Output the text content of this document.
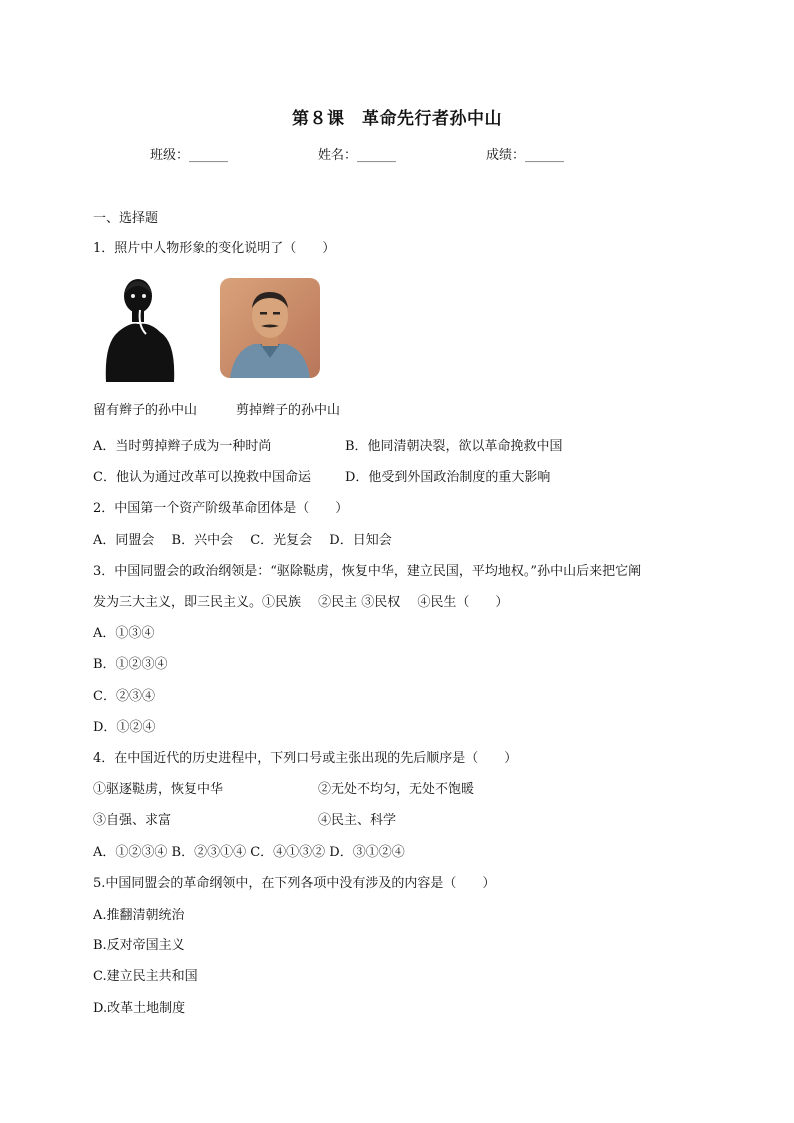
第８课　革命先行者孙中山
班级：______	姓名：______	成绩：______
一、选择题
1．照片中人物形象的变化说明了（　　）
留有辫子的孙中山	剪掉辫子的孙中山
A．当时剪掉辫子成为一种时尚	B．他同清朝决裂，欲以革命挽救中国
C．他认为通过改革可以挽救中国命运	D．他受到外国政治制度的重大影响
2．中国第一个资产阶级革命团体是（　　）
A．同盟会　 B．兴中会　 C．光复会　 D．日知会
3．中国同盟会的政治纲领是：“驱除鞑虏，恢复中华，建立民国，平均地权。”孙中山后来把它阐
发为三大主义，即三民主义。①民族　 ②民主 ③民权　 ④民生（　　）
A．①③④
B．①②③④
C．②③④
D．①②④
4．在中国近代的历史进程中，下列口号或主张出现的先后顺序是（　　）
①驱逐鞑虏，恢复中华	②无处不均匀，无处不饱暖
③自强、求富	④民主、科学
A．①②③④ B．②③①④ C．④①③② D．③①②④
5.中国同盟会的革命纲领中，在下列各项中没有涉及的内容是（　　）
A.推翻清朝统治
B.反对帝国主义
C.建立民主共和国
D.改革土地制度
